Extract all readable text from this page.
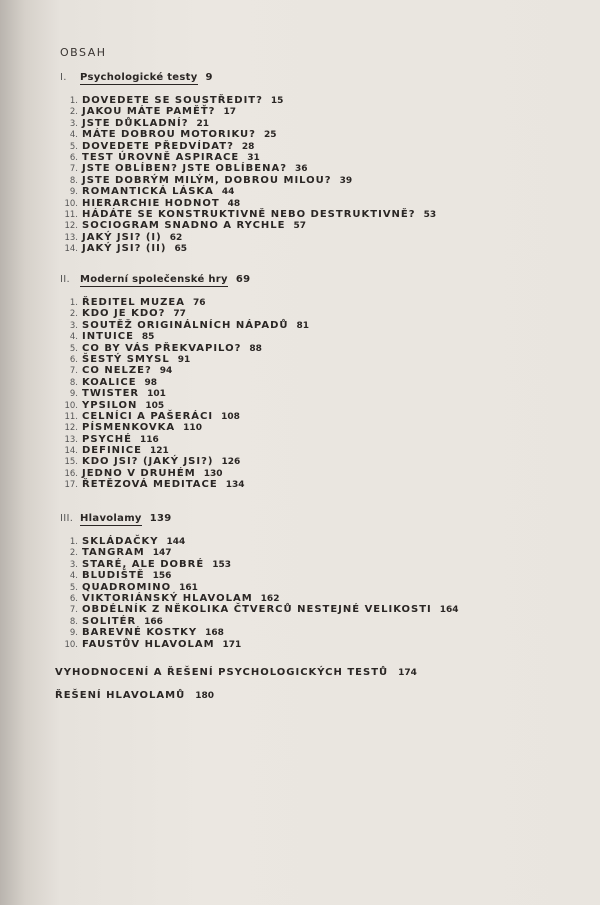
OBSAH
I.	Psychologické testy 9
1. DOVEDETE SE SOUSTŘEDIT? 15
2. JAKOU MÁTE PAMĚŤ? 17
3. JSTE DŮKLADNÍ? 21
4. MÁTE DOBROU MOTORIKU? 25
5. DOVEDETE PŘEDVÍDAT? 28
6. TEST ÚROVNĚ ASPIRACE 31
7. JSTE OBLÍBEN? JSTE OBLÍBENA? 36
8. JSTE DOBRÝM MILÝM, DOBROU MILOU? 39
9. ROMANTICKÁ LÁSKA 44
10. HIERARCHIE HODNOT 48
11. HÁDÁTE SE KONSTRUKTIVNĚ NEBO DESTRUKTIVNĚ? 53
12. SOCIOGRAM SNADNO A RYCHLE 57
13. JAKÝ JSI? (I) 62
14. JAKÝ JSI? (II) 65
II.	Moderní společenské hry 69
1. ŘEDITEL MUZEA 76
2. KDO JE KDO? 77
3. SOUTĚŽ ORIGINÁLNÍCH NÁPADŮ 81
4. INTUICE 85
5. CO BY VÁS PŘEKVAPILO? 88
6. ŠESTÝ SMYSL 91
7. CO NELZE? 94
8. KOALICE 98
9. TWISTER 101
10. YPSILON 105
11. CELNÍCI A PAŠERÁCI 108
12. PÍSMENKOVKA 110
13. PSYCHÉ 116
14. DEFINICE 121
15. KDO JSI? (JAKÝ JSI?) 126
16. JEDNO V DRUHÉM 130
17. ŘETĚZOVÁ MEDITACE 134
III. Hlavolamy 139
1. SKLÁDAČKY 144
2. TANGRAM 147
3. STARÉ, ALE DOBRÉ 153
4. BLUDIŠTĚ 156
5. QUADROMINO 161
6. VIKTORIÁNSKÝ HLAVOLAM 162
7. OBDÉLNÍK Z NĚKOLIKA ČTVERCŮ NESTEJNÉ VELIKOSTI 164
8. SOLITÉR 166
9. BAREVNÉ KOSTKY 168
10. FAUSTŮV HLAVOLAM 171
VYHODNOCENÍ A ŘEŠENÍ PSYCHOLOGICKÝCH TESTŮ 174
ŘEŠENÍ HLAVOLAMŮ 180
